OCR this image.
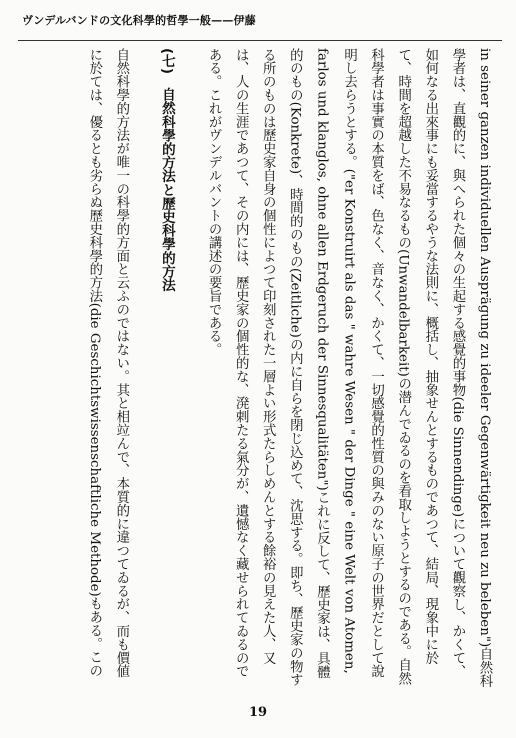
ヴンデルバンドの文化科學的哲學一般——伊藤

in seiner ganzen individuellen Ausprägung zu ideeler Gegenwärtigkeit neu zu beleben")自然科學者は、直觀的に、與へられた個々の生起する感覺的事物(die Sinnendinge)について觀察し、かくて、如何なる出來事にも妥當するやうな法則に、概括し、抽象せんとするものであつて、結局、現象中に於て、時間を超越した不易なるもの(Unwandelbarkeit)の潜んでゐるのを看取しようとするのである。自然科學者は事實の本質をば、色なく、音なく、かくて、一切感覺的性質の與みのない原子の世界だとして說明し去らうとする。("er Konstruirt als das " wahre Wesen " der Dinge " eine Welt von Atomen, farlos und klanglos, ohne allen Erdgeruch der Sinnesqualitäten")これに反して、歷史家は、具體的のもの(Konkrete)、時間的のもの(Zeitliche)の内に自らを閉じ込めて、沈思する。即ち、歷史家の物する所のものは歷史家自身の個性によつて印刻された一層よい形式たらしめんとする餘裕の見えた人、又は、人の生涯であつて、その内には、歷史家の個性的な、溌剌たる氣分が、遺憾なく藏せられてゐるのである。これがヴンデルバントの講述の要旨である。

(七)　自然科學的方法と歷史科學的方法

自然科學的方法が唯一の科學的方面と云ふのではない。其と相竝んで、本質的に違つてゐるが、而も價値に於ては、優るとも劣らぬ歷史科學的方法(die Geschichtswissenschaftliche Methode)もある。この

19
